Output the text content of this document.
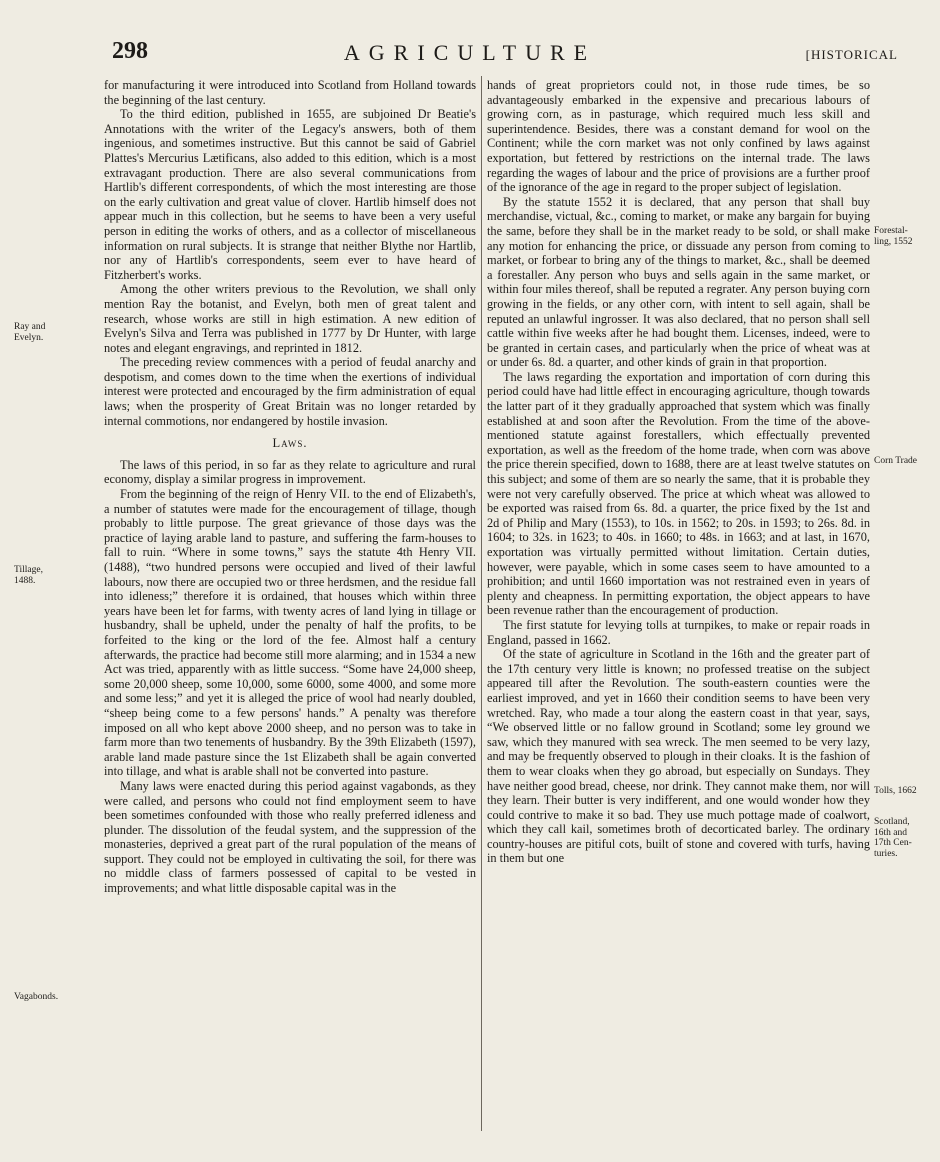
298	AGRICULTURE	[HISTORICAL

for manufacturing it were introduced into Scotland from Holland towards the beginning of the last century.

To the third edition, published in 1655, are subjoined Dr Beatie's Annotations with the writer of the Legacy's answers, both of them ingenious, and sometimes instructive. But this cannot be said of Gabriel Plattes's Mercurius Lætificans, also added to this edition, which is a most extravagant production. There are also several communications from Hartlib's different correspondents, of which the most interesting are those on the early cultivation and great value of clover. Hartlib himself does not appear much in this collection, but he seems to have been a very useful person in editing the works of others, and as a collector of miscellaneous information on rural subjects. It is strange that neither Blythe nor Hartlib, nor any of Hartlib's correspondents, seem ever to have heard of Fitzherbert's works.

Among the other writers previous to the Revolution, we shall only mention Ray the botanist, and Evelyn, both men of great talent and research, whose works are still in high estimation. A new edition of Evelyn's Silva and Terra was published in 1777 by Dr Hunter, with large notes and elegant engravings, and reprinted in 1812.

The preceding review commences with a period of feudal anarchy and despotism, and comes down to the time when the exertions of individual interest were protected and encouraged by the firm administration of equal laws; when the prosperity of Great Britain was no longer retarded by internal commotions, nor endangered by hostile invasion.

Laws.

The laws of this period, in so far as they relate to agriculture and rural economy, display a similar progress in improvement.

From the beginning of the reign of Henry VII. to the end of Elizabeth's, a number of statutes were made for the encouragement of tillage, though probably to little purpose. The great grievance of those days was the practice of laying arable land to pasture, and suffering the farm-houses to fall to ruin. “Where in some towns,” says the statute 4th Henry VII. (1488), “two hundred persons were occupied and lived of their lawful labours, now there are occupied two or three herdsmen, and the residue fall into idleness;” therefore it is ordained, that houses which within three years have been let for farms, with twenty acres of land lying in tillage or husbandry, shall be upheld, under the penalty of half the profits, to be forfeited to the king or the lord of the fee. Almost half a century afterwards, the practice had become still more alarming; and in 1534 a new Act was tried, apparently with as little success. “Some have 24,000 sheep, some 20,000 sheep, some 10,000, some 6000, some 4000, and some more and some less;” and yet it is alleged the price of wool had nearly doubled, “sheep being come to a few persons' hands.” A penalty was therefore imposed on all who kept above 2000 sheep, and no person was to take in farm more than two tenements of husbandry. By the 39th Elizabeth (1597), arable land made pasture since the 1st Elizabeth shall be again converted into tillage, and what is arable shall not be converted into pasture.

Many laws were enacted during this period against vagabonds, as they were called, and persons who could not find employment seem to have been sometimes confounded with those who really preferred idleness and plunder. The dissolution of the feudal system, and the suppression of the monasteries, deprived a great part of the rural population of the means of support. They could not be employed in cultivating the soil, for there was no middle class of farmers possessed of capital to be vested in improvements; and what little disposable capital was in the

hands of great proprietors could not, in those rude times, be so advantageously embarked in the expensive and precarious labours of growing corn, as in pasturage, which required much less skill and superintendence. Besides, there was a constant demand for wool on the Continent; while the corn market was not only confined by laws against exportation, but fettered by restrictions on the internal trade. The laws regarding the wages of labour and the price of provisions are a further proof of the ignorance of the age in regard to the proper subject of legislation.

By the statute 1552 it is declared, that any person that shall buy merchandise, victual, &c., coming to market, or make any bargain for buying the same, before they shall be in the market ready to be sold, or shall make any motion for enhancing the price, or dissuade any person from coming to market, or forbear to bring any of the things to market, &c., shall be deemed a forestaller. Any person who buys and sells again in the same market, or within four miles thereof, shall be reputed a regrater. Any person buying corn growing in the fields, or any other corn, with intent to sell again, shall be reputed an unlawful ingrosser. It was also declared, that no person shall sell cattle within five weeks after he had bought them. Licenses, indeed, were to be granted in certain cases, and particularly when the price of wheat was at or under 6s. 8d. a quarter, and other kinds of grain in that proportion.

The laws regarding the exportation and importation of corn during this period could have had little effect in encouraging agriculture, though towards the latter part of it they gradually approached that system which was finally established at and soon after the Revolution. From the time of the above-mentioned statute against forestallers, which effectually prevented exportation, as well as the freedom of the home trade, when corn was above the price therein specified, down to 1688, there are at least twelve statutes on this subject; and some of them are so nearly the same, that it is probable they were not very carefully observed. The price at which wheat was allowed to be exported was raised from 6s. 8d. a quarter, the price fixed by the 1st and 2d of Philip and Mary (1553), to 10s. in 1562; to 20s. in 1593; to 26s. 8d. in 1604; to 32s. in 1623; to 40s. in 1660; to 48s. in 1663; and at last, in 1670, exportation was virtually permitted without limitation. Certain duties, however, were payable, which in some cases seem to have amounted to a prohibition; and until 1660 importation was not restrained even in years of plenty and cheapness. In permitting exportation, the object appears to have been revenue rather than the encouragement of production.

The first statute for levying tolls at turnpikes, to make or repair roads in England, passed in 1662.

Of the state of agriculture in Scotland in the 16th and the greater part of the 17th century very little is known; no professed treatise on the subject appeared till after the Revolution. The south-eastern counties were the earliest improved, and yet in 1660 their condition seems to have been very wretched. Ray, who made a tour along the eastern coast in that year, says, “We observed little or no fallow ground in Scotland; some ley ground we saw, which they manured with sea wreck. The men seemed to be very lazy, and may be frequently observed to plough in their cloaks. It is the fashion of them to wear cloaks when they go abroad, but especially on Sundays. They have neither good bread, cheese, nor drink. They cannot make them, nor will they learn. Their butter is very indifferent, and one would wonder how they could contrive to make it so bad. They use much pottage made of coalwort, which they call kail, sometimes broth of decorticated barley. The ordinary country-houses are pitiful cots, built of stone and covered with turfs, having in them but one

Ray and
Evelyn.
Tillage,
1488.
Vagabonds.
Forestal-
ling, 1552
Corn Trade
Tolls, 1662
Scotland,
16th and
17th Cen-
turies.
